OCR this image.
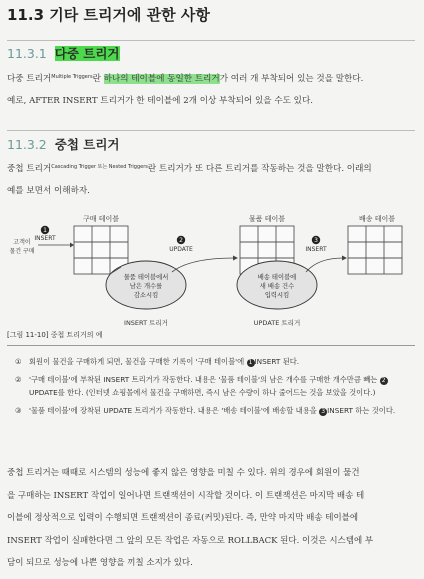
11.3 기타 트리거에 관한 사항
11.3.1 다중 트리거
다중 트리거$^{Multiple Triggers}$란 하나의 테이블에 동일한 트리거가 여러 개 부착되어 있는 것을 말한다.
예로, AFTER INSERT 트리거가 한 테이블에 2개 이상 부착되어 있을 수도 있다.
11.3.2 중첩 트리거
중첩 트리거$^{Cascading Trigger 또는 Nested Triggers}$란 트리거가 또 다른 트리거를 작동하는 것을 말한다. 이래의
예를 보면서 이해하자.
구매 테이블	물품 테이블	배송 테이블
고객이
물건 구매
1
INSERT
물품 테이블에서
남은 개수를
감소시킴
2
UPDATE
배송 테이블에
새 배송 건수
입력시킴
3
INSERT
INSERT 트리거	UPDATE 트리거
[그림 11-10] 중첩 트리거의 예
①	회원이 물건을 구매하게 되면, 물건을 구매한 기록이 '구매 테이블'에 1 INSERT 된다.
②	'구매 테이블'에 부착된 INSERT 트리거가 작동한다. 내용은 '물품 테이블'의 남은 개수를 구매한 개수만큼 빼는 2UPDATE를 한다. (인터넷 쇼핑몰에서 물건을 구매하면, 즉시 남은 수량이 하나 줄어드는 것을 보았을 것이다.)
③	'물품 테이블'에 장착된 UPDATE 트리거가 작동한다. 내용은 '배송 테이블'에 배송할 내용을 3 INSERT 하는 것이다.
중첩 트리거는 때때로 시스템의 성능에 좋지 않은 영향을 미칠 수 있다. 위의 경우에 회원이 물건
을 구매하는 INSERT 작업이 일어나면 트랜잭션이 시작할 것이다. 이 트랜잭션은 마지막 배송 테
이블에 정상적으로 입력이 수행되면 트랜잭션이 종료(커밋)된다. 즉, 만약 마지막 배송 테이블에
INSERT 작업이 실패한다면 그 앞의 모든 작업은 자동으로 ROLLBACK 된다. 이것은 시스템에 부
담이 되므로 성능에 나쁜 영향을 끼칠 소지가 있다.
